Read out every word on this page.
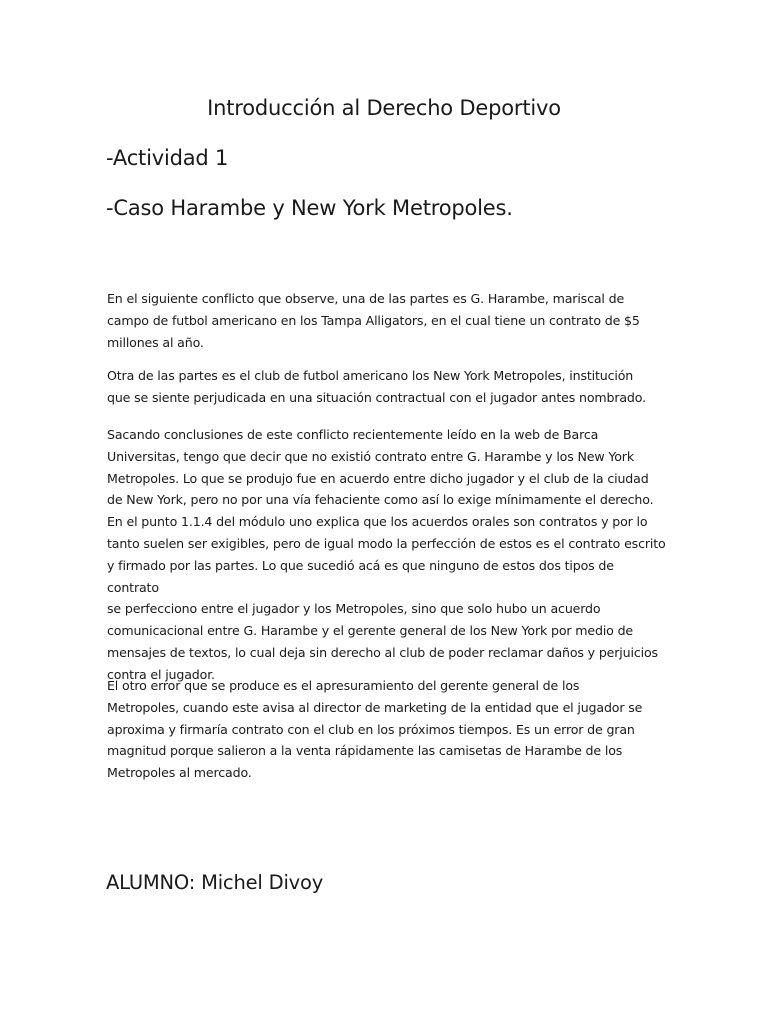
Introducción al Derecho Deportivo
-Actividad 1
-Caso Harambe y New York Metropoles.
En el siguiente conflicto que observe, una de las partes es G. Harambe, mariscal de
campo de futbol americano en los Tampa Alligators, en el cual tiene un contrato de $5
millones al año.
Otra de las partes es el club de futbol americano los New York Metropoles, institución
que se siente perjudicada en una situación contractual con el jugador antes nombrado.
Sacando conclusiones de este conflicto recientemente leído en la web de Barca
Universitas, tengo que decir que no existió contrato entre G. Harambe y los New York
Metropoles. Lo que se produjo fue en acuerdo entre dicho jugador y el club de la ciudad
de New York, pero no por una vía fehaciente como así lo exige mínimamente el derecho.
En el punto 1.1.4 del módulo uno explica que los acuerdos orales son contratos y por lo
tanto suelen ser exigibles, pero de igual modo la perfección de estos es el contrato escrito
y firmado por las partes. Lo que sucedió acá es que ninguno de estos dos tipos de contrato
se perfecciono entre el jugador y los Metropoles, sino que solo hubo un acuerdo
comunicacional entre G. Harambe y el gerente general de los New York por medio de
mensajes de textos, lo cual deja sin derecho al club de poder reclamar daños y perjuicios
contra el jugador.
El otro error que se produce es el apresuramiento del gerente general de los
Metropoles, cuando este avisa al director de marketing de la entidad que el jugador se
aproxima y firmaría contrato con el club en los próximos tiempos. Es un error de gran
magnitud porque salieron a la venta rápidamente las camisetas de Harambe de los
Metropoles al mercado.
ALUMNO: Michel Divoy
